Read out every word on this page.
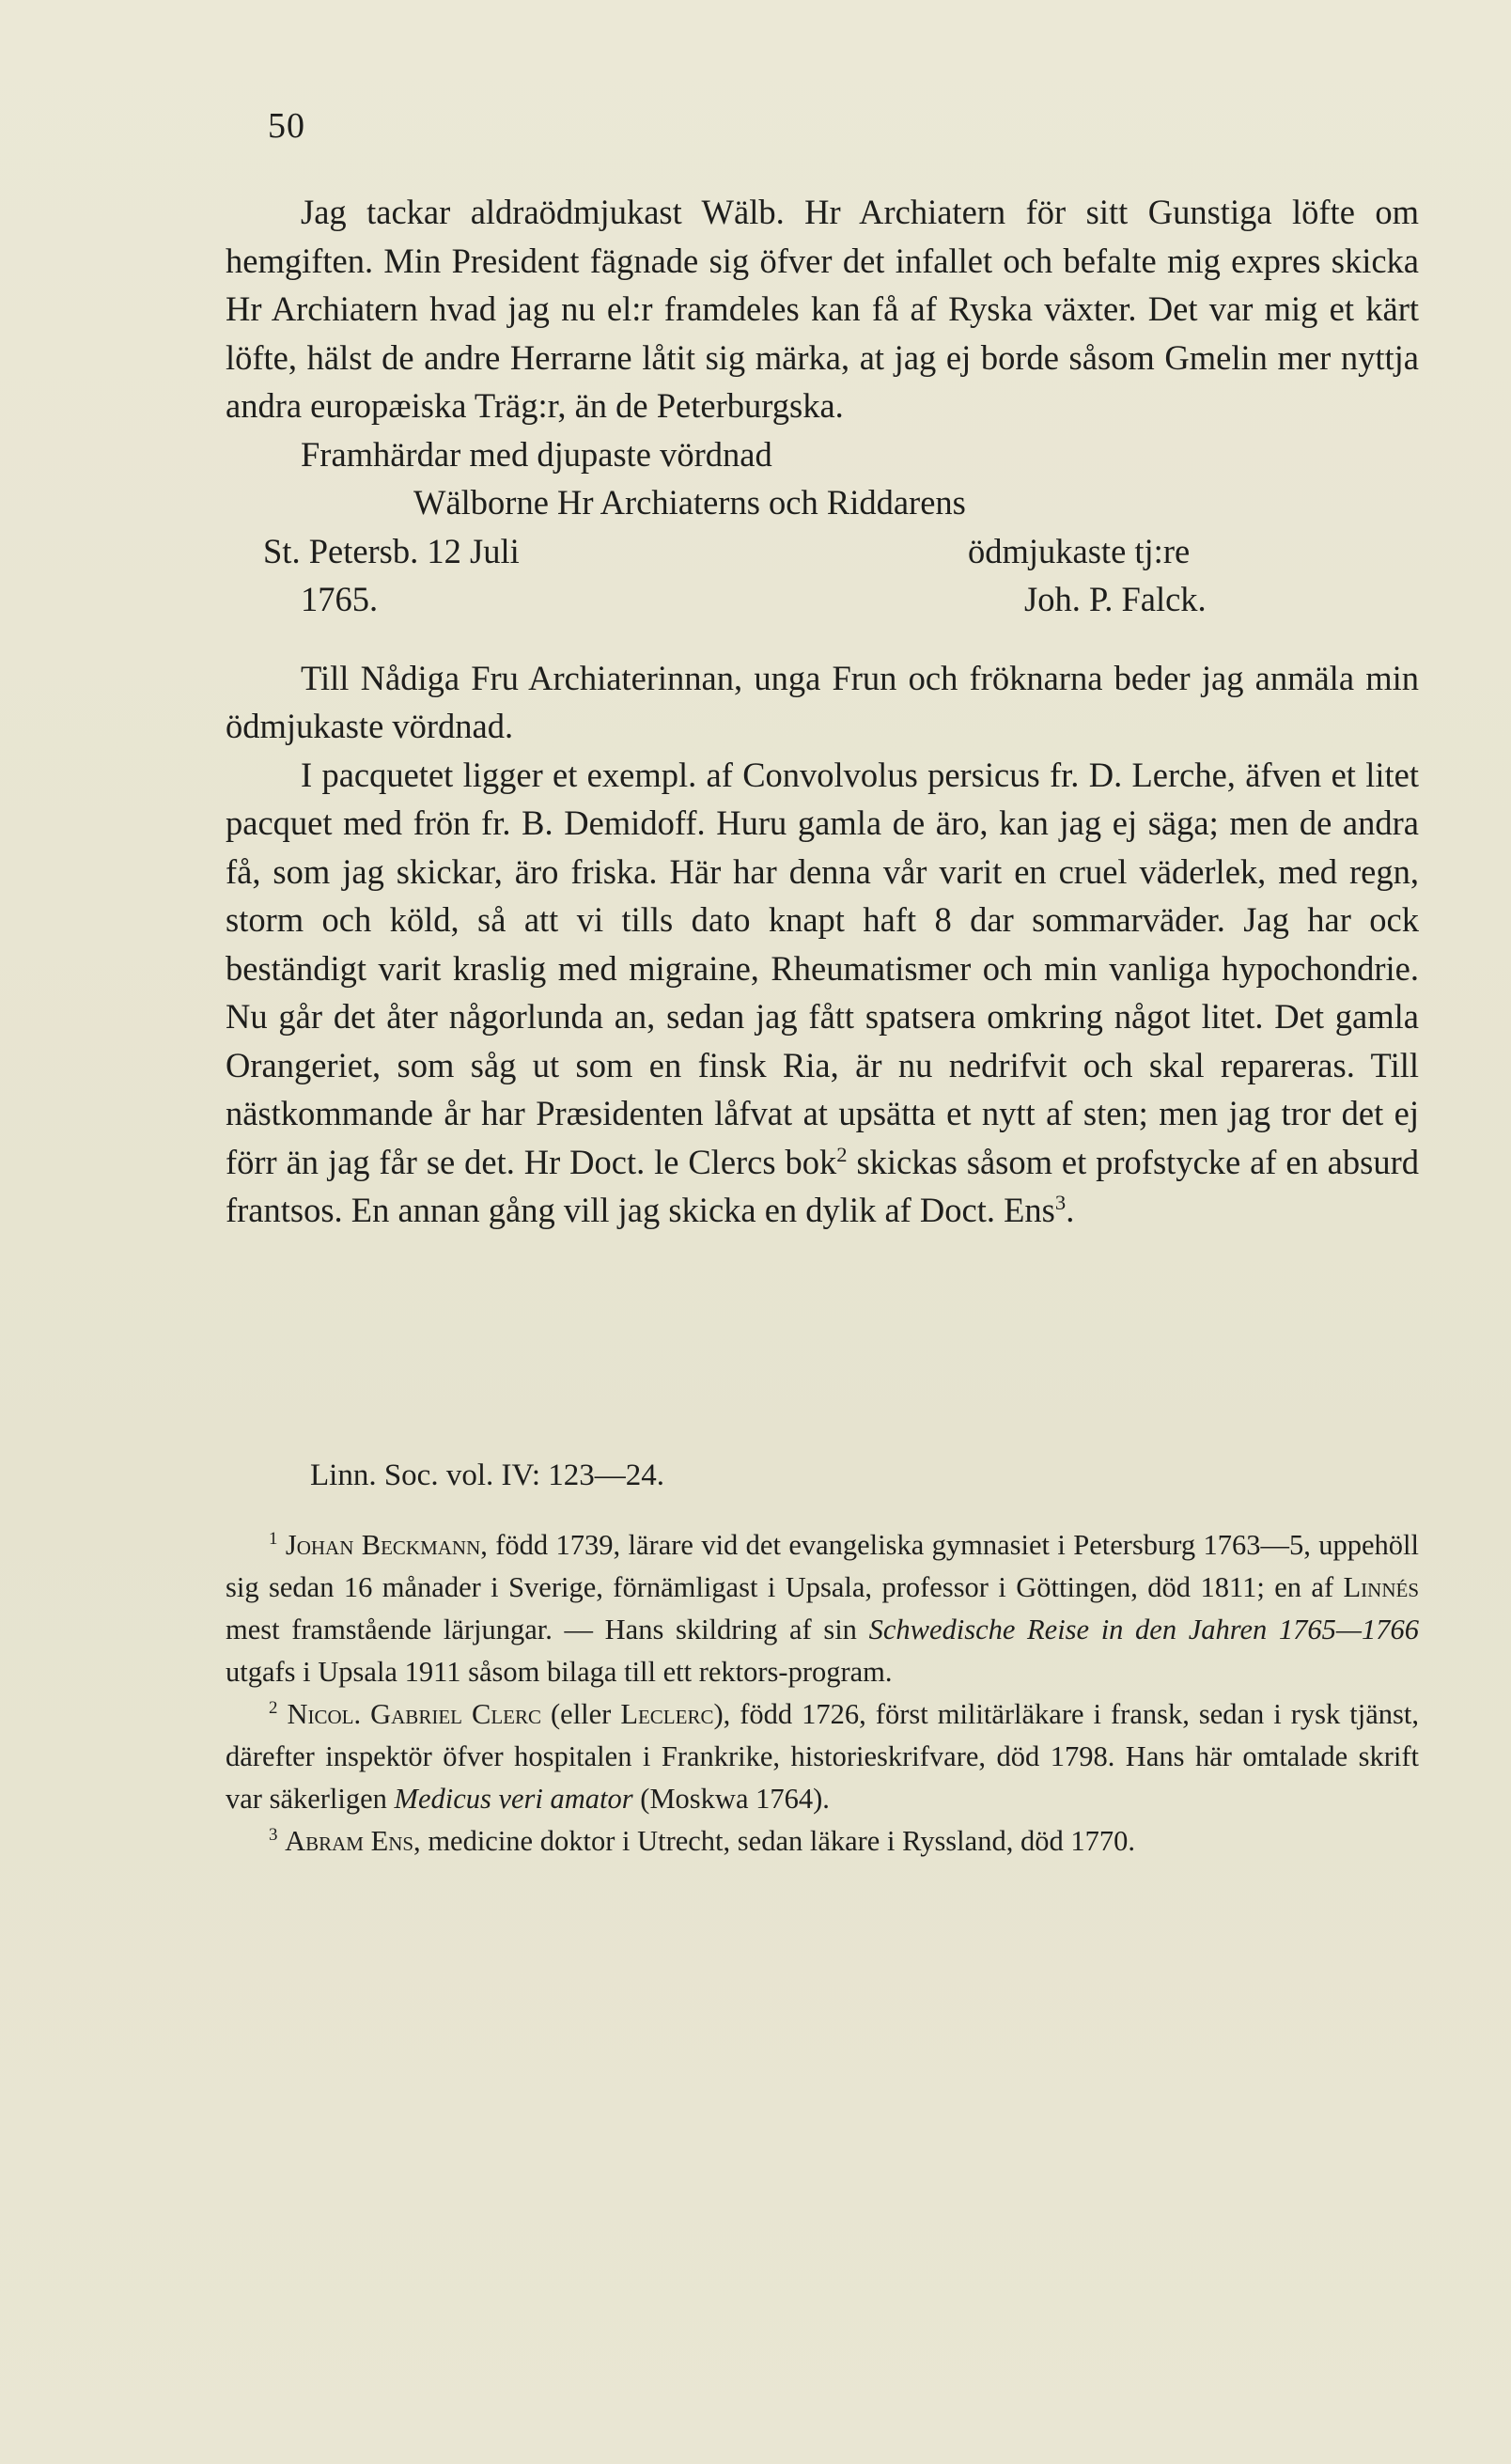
50

Jag tackar aldraödmjukast Wälb. Hr Archiatern för sitt Gunstiga löfte om hemgiften. Min President fägnade sig öfver det infallet och befalte mig expres skicka Hr Archiatern hvad jag nu el:r framdeles kan få af Ryska växter. Det var mig et kärt löfte, hälst de andre Herrarne låtit sig märka, at jag ej borde såsom Gmelin mer nyttja andra europæiska Träg:r, än de Peterburgska.

Framhärdar med djupaste vördnad

Wälborne Hr Archiaterns och Riddarens

St. Petersb. 12 Juli	ödmjukaste tj:re
1765.	Joh. P. Falck.

Till Nådiga Fru Archiaterinnan, unga Frun och fröknarna beder jag anmäla min ödmjukaste vördnad.

I pacquetet ligger et exempl. af Convolvolus persicus fr. D. Lerche, äfven et litet pacquet med frön fr. B. Demidoff. Huru gamla de äro, kan jag ej säga; men de andra få, som jag skickar, äro friska. Här har denna vår varit en cruel väderlek, med regn, storm och köld, så att vi tills dato knapt haft 8 dar sommarväder. Jag har ock beständigt varit kraslig med migraine, Rheumatismer och min vanliga hypochondrie. Nu går det åter någorlunda an, sedan jag fått spatsera omkring något litet. Det gamla Orangeriet, som såg ut som en finsk Ria, är nu nedrifvit och skal repareras. Till nästkommande år har Præsidenten låfvat at upsätta et nytt af sten; men jag tror det ej förr än jag får se det. Hr Doct. le Clercs bok$^2$ skickas såsom et profstycke af en absurd frantsos. En annan gång vill jag skicka en dylik af Doct. Ens$^3$.

Linn. Soc. vol. IV: 123—24.

$^1$ Johan Beckmann, född 1739, lärare vid det evangeliska gymnasiet i Petersburg 1763—5, uppehöll sig sedan 16 månader i Sverige, förnämligast i Upsala, professor i Göttingen, död 1811; en af Linnés mest framstående lärjungar. — Hans skildring af sin Schwedische Reise in den Jahren 1765—1766 utgafs i Upsala 1911 såsom bilaga till ett rektors-program.

$^2$ Nicol. Gabriel Clerc (eller Leclerc), född 1726, först militärläkare i fransk, sedan i rysk tjänst, därefter inspektör öfver hospitalen i Frankrike, historieskrifvare, död 1798. Hans här omtalade skrift var säkerligen Medicus veri amator (Moskwa 1764).

$^3$ Abram Ens, medicine doktor i Utrecht, sedan läkare i Ryssland, död 1770.
